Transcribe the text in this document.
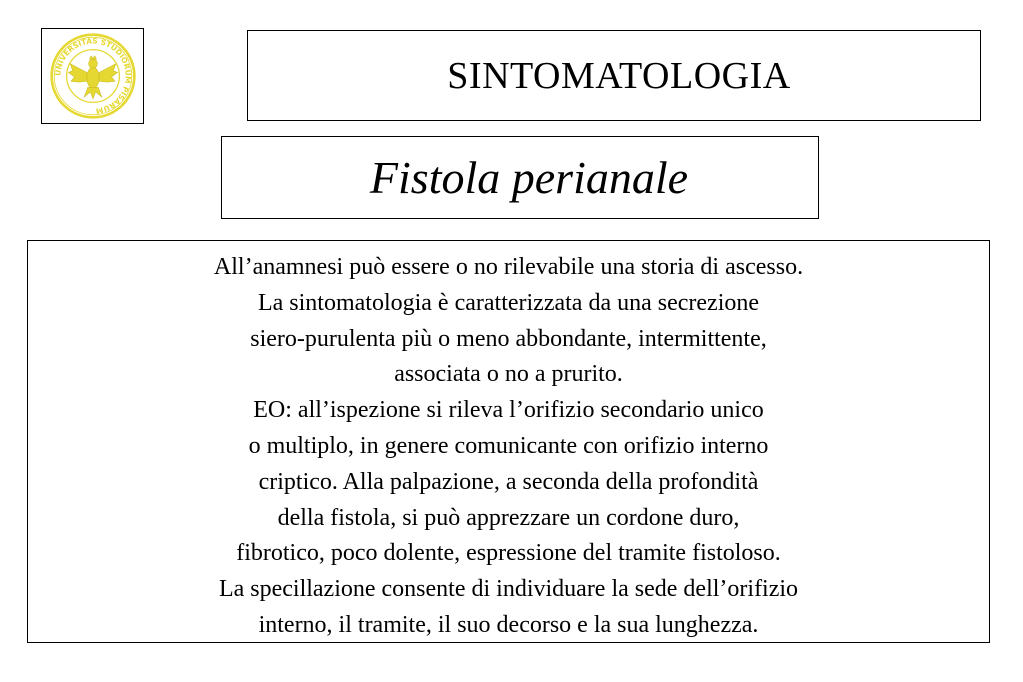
UNIVERSITAS STUDIORUM PISARUM
SINTOMATOLOGIA
Fistola perianale
All’anamnesi può essere o no rilevabile una storia di ascesso.
La sintomatologia è caratterizzata da una secrezione
siero-purulenta più o meno abbondante, intermittente,
associata o no a prurito.
EO: all’ispezione si rileva l’orifizio secondario unico
o multiplo, in genere comunicante con orifizio interno
criptico. Alla palpazione, a seconda della profondità
della fistola, si può apprezzare un cordone duro,
fibrotico, poco dolente, espressione del tramite fistoloso.
La specillazione consente di individuare la sede dell’orifizio
interno, il tramite, il suo decorso e la sua lunghezza.
